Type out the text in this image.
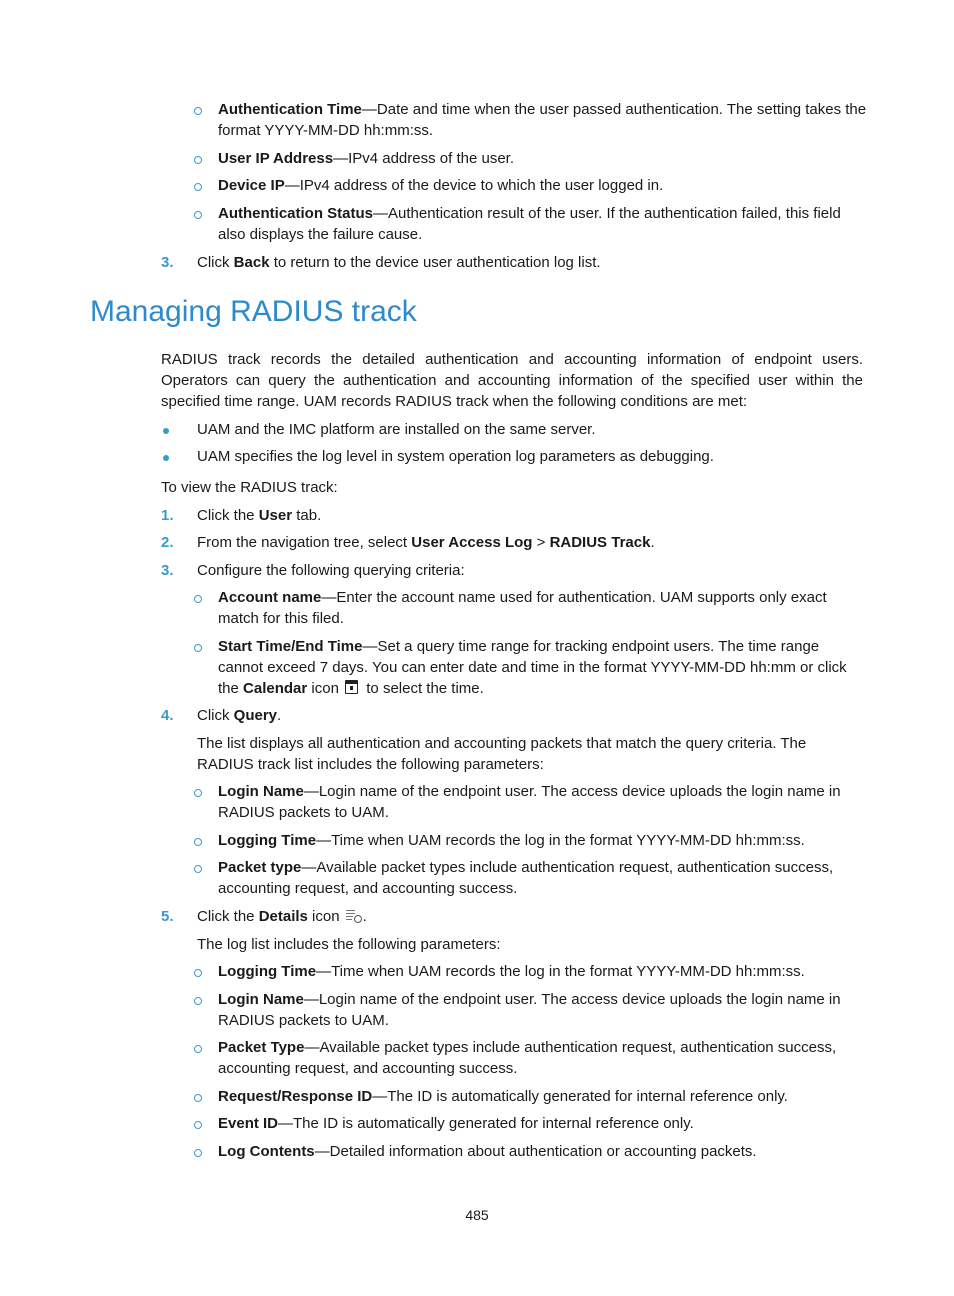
Authentication Time—Date and time when the user passed authentication. The setting takes the
format YYYY-MM-DD hh:mm:ss.
User IP Address—IPv4 address of the user.
Device IP—IPv4 address of the device to which the user logged in.
Authentication Status—Authentication result of the user. If the authentication failed, this field
also displays the failure cause.
3. Click Back to return to the device user authentication log list.
Managing RADIUS track
RADIUS track records the detailed authentication and accounting information of endpoint users. Operators can query the authentication and accounting information of the specified user within the specified time range. UAM records RADIUS track when the following conditions are met:
UAM and the IMC platform are installed on the same server.
UAM specifies the log level in system operation log parameters as debugging.
To view the RADIUS track:
1. Click the User tab.
2. From the navigation tree, select User Access Log > RADIUS Track.
3. Configure the following querying criteria:
Account name—Enter the account name used for authentication. UAM supports only exact
match for this filed.
Start Time/End Time—Set a query time range for tracking endpoint users. The time range
cannot exceed 7 days. You can enter date and time in the format YYYY-MM-DD hh:mm or click
the Calendar icon  to select the time.
4. Click Query.
The list displays all authentication and accounting packets that match the query criteria. The
RADIUS track list includes the following parameters:
Login Name—Login name of the endpoint user. The access device uploads the login name in
RADIUS packets to UAM.
Logging Time—Time when UAM records the log in the format YYYY-MM-DD hh:mm:ss.
Packet type—Available packet types include authentication request, authentication success,
accounting request, and accounting success.
5. Click the Details icon .
The log list includes the following parameters:
Logging Time—Time when UAM records the log in the format YYYY-MM-DD hh:mm:ss.
Login Name—Login name of the endpoint user. The access device uploads the login name in
RADIUS packets to UAM.
Packet Type—Available packet types include authentication request, authentication success,
accounting request, and accounting success.
Request/Response ID—The ID is automatically generated for internal reference only.
Event ID—The ID is automatically generated for internal reference only.
Log Contents—Detailed information about authentication or accounting packets.
485
